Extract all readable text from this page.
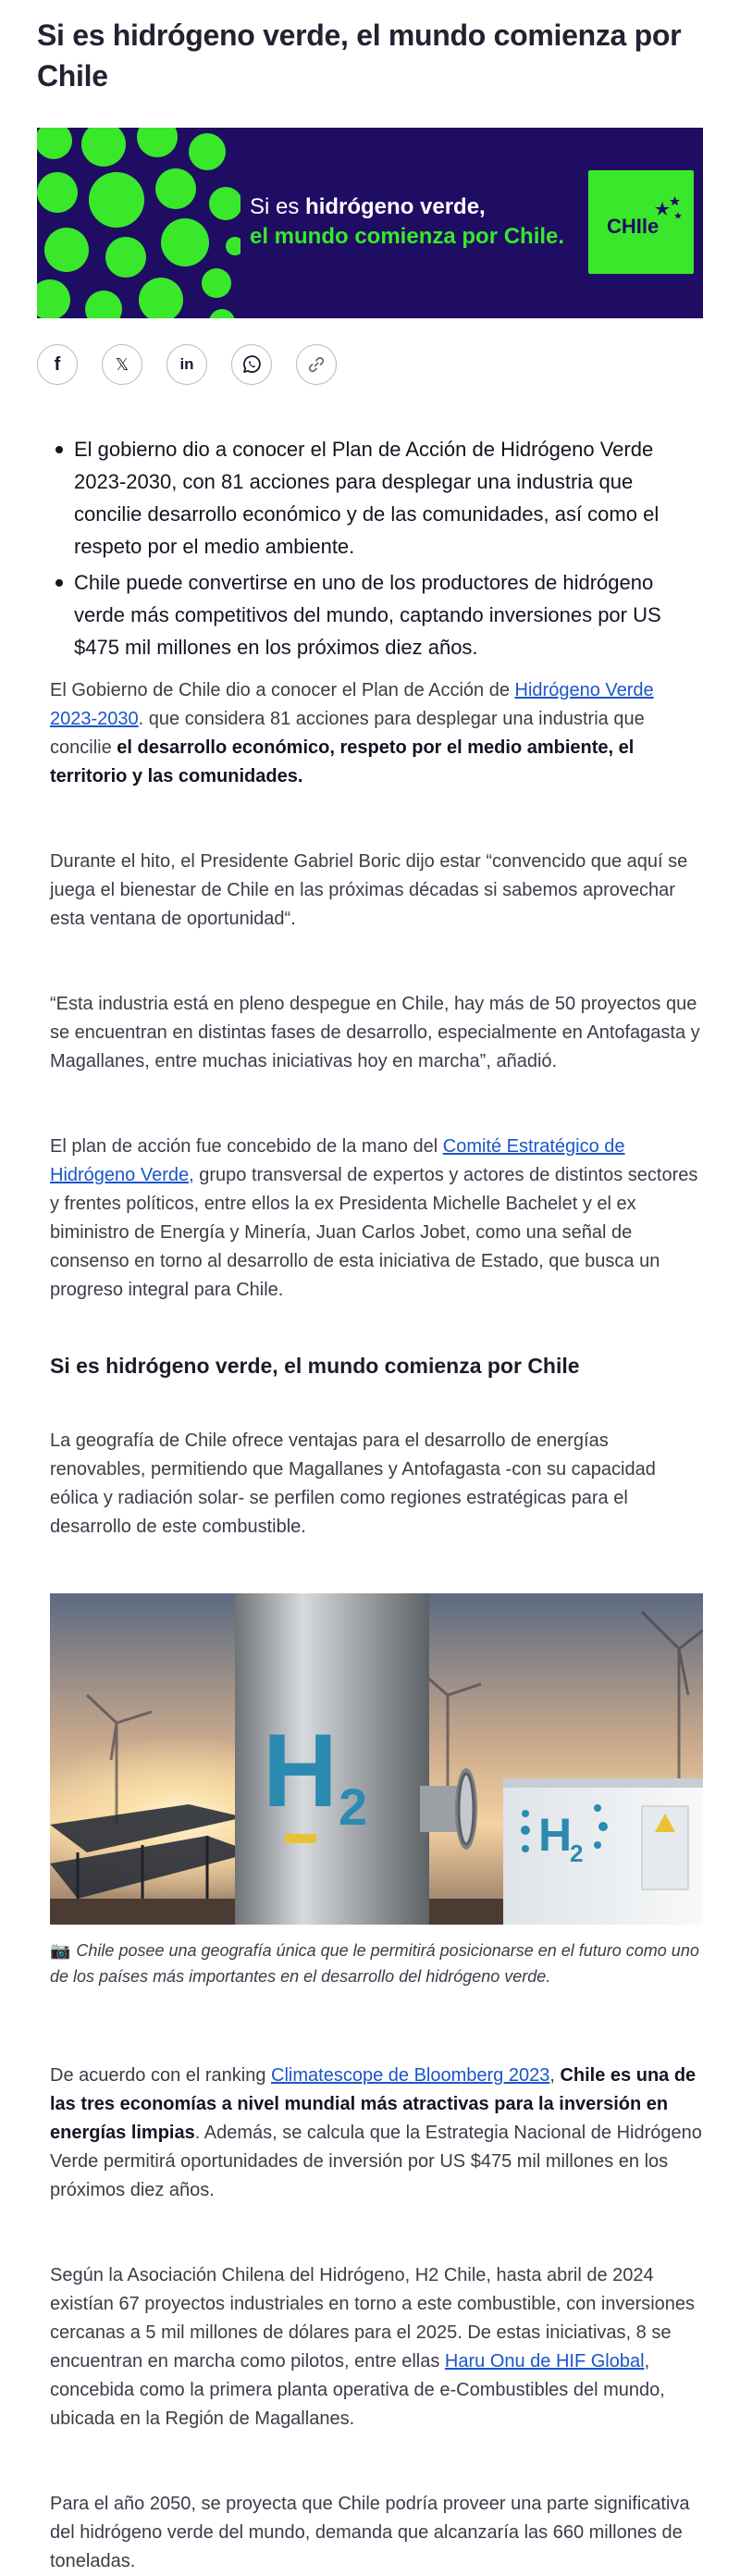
Si es hidrógeno verde, el mundo comienza por Chile
Si es hidrógeno verde,
el mundo comienza por Chile. CHIle
f	𝕏	in
El gobierno dio a conocer el Plan de Acción de Hidrógeno Verde 2023-2030, con 81 acciones para desplegar una industria que concilie desarrollo económico y de las comunidades, así como el respeto por el medio ambiente.
Chile puede convertirse en uno de los productores de hidrógeno verde más competitivos del mundo, captando inversiones por US $475 mil millones en los próximos diez años.

El Gobierno de Chile dio a conocer el Plan de Acción de Hidrógeno Verde 2023-2030. que considera 81 acciones para desplegar una industria que concilie el desarrollo económico, respeto por el medio ambiente, el territorio y las comunidades.

Durante el hito, el Presidente Gabriel Boric dijo estar “convencido que aquí se juega el bienestar de Chile en las próximas décadas si sabemos aprovechar esta ventana de oportunidad“.

“Esta industria está en pleno despegue en Chile, hay más de 50 proyectos que se encuentran en distintas fases de desarrollo, especialmente en Antofagasta y Magallanes, entre muchas iniciativas hoy en marcha”, añadió.

El plan de acción fue concebido de la mano del Comité Estratégico de Hidrógeno Verde, grupo transversal de expertos y actores de distintos sectores y frentes políticos, entre ellos la ex Presidenta Michelle Bachelet y el ex biministro de Energía y Minería, Juan Carlos Jobet, como una señal de consenso en torno al desarrollo de esta iniciativa de Estado, que busca un progreso integral para Chile.

Si es hidrógeno verde, el mundo comienza por Chile

La geografía de Chile ofrece ventajas para el desarrollo de energías renovables, permitiendo que Magallanes y Antofagasta -con su capacidad eólica y radiación solar- se perfilen como regiones estratégicas para el desarrollo de este combustible.

H 2	H
2
📷 Chile posee una geografía única que le permitirá posicionarse en el futuro como uno de los países más importantes en el desarrollo del hidrógeno verde.

De acuerdo con el ranking Climatescope de Bloomberg 2023, Chile es una de las tres economías a nivel mundial más atractivas para la inversión en energías limpias. Además, se calcula que la Estrategia Nacional de Hidrógeno Verde permitirá oportunidades de inversión por US $475 mil millones en los próximos diez años.

Según la Asociación Chilena del Hidrógeno, H2 Chile, hasta abril de 2024 existían 67 proyectos industriales en torno a este combustible, con inversiones cercanas a 5 mil millones de dólares para el 2025. De estas iniciativas, 8 se encuentran en marcha como pilotos, entre ellas Haru Onu de HIF Global, concebida como la primera planta operativa de e-Combustibles del mundo, ubicada en la Región de Magallanes.

Para el año 2050, se proyecta que Chile podría proveer una parte significativa del hidrógeno verde del mundo, demanda que alcanzaría las 660 millones de toneladas.
